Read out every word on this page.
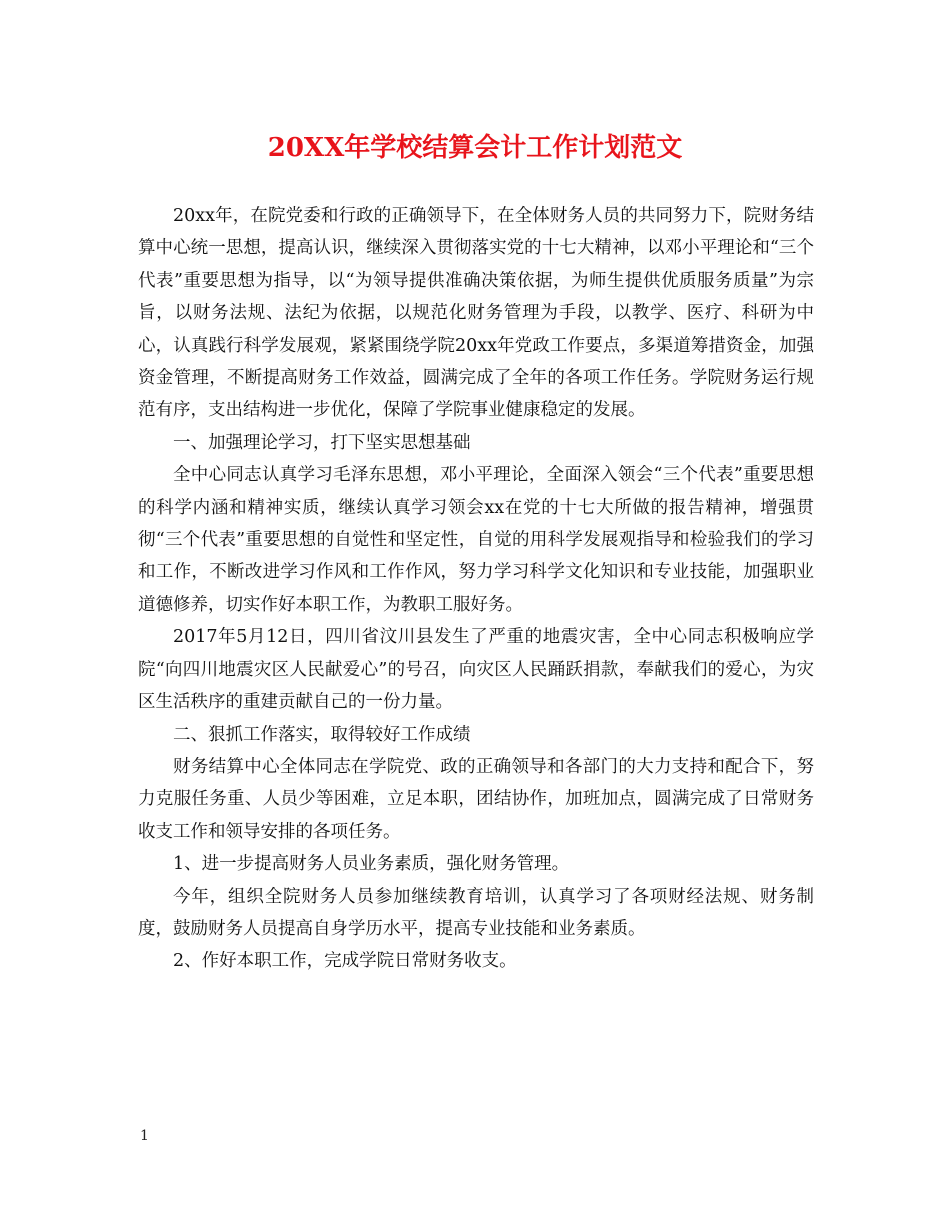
20XX年学校结算会计工作计划范文

20xx年，在院党委和行政的正确领导下，在全体财务人员的共同努力下，院财务结算中心统一思想，提高认识，继续深入贯彻落实党的十七大精神，以邓小平理论和“三个代表”重要思想为指导，以“为领导提供准确决策依据，为师生提供优质服务质量”为宗旨，以财务法规、法纪为依据，以规范化财务管理为手段，以教学、医疗、科研为中心，认真践行科学发展观，紧紧围绕学院20xx年党政工作要点，多渠道筹措资金，加强资金管理，不断提高财务工作效益，圆满完成了全年的各项工作任务。学院财务运行规范有序，支出结构进一步优化，保障了学院事业健康稳定的发展。

一、加强理论学习，打下坚实思想基础

全中心同志认真学习毛泽东思想，邓小平理论，全面深入领会“三个代表”重要思想的科学内涵和精神实质，继续认真学习领会xx在党的十七大所做的报告精神，增强贯彻“三个代表”重要思想的自觉性和坚定性，自觉的用科学发展观指导和检验我们的学习和工作，不断改进学习作风和工作作风，努力学习科学文化知识和专业技能，加强职业道德修养，切实作好本职工作，为教职工服好务。

2017年5月12日，四川省汶川县发生了严重的地震灾害，全中心同志积极响应学院“向四川地震灾区人民献爱心”的号召，向灾区人民踊跃捐款，奉献我们的爱心，为灾区生活秩序的重建贡献自己的一份力量。

二、狠抓工作落实，取得较好工作成绩

财务结算中心全体同志在学院党、政的正确领导和各部门的大力支持和配合下，努力克服任务重、人员少等困难，立足本职，团结协作，加班加点，圆满完成了日常财务收支工作和领导安排的各项任务。

1、进一步提高财务人员业务素质，强化财务管理。

今年，组织全院财务人员参加继续教育培训，认真学习了各项财经法规、财务制度，鼓励财务人员提高自身学历水平，提高专业技能和业务素质。

2、作好本职工作，完成学院日常财务收支。

1
